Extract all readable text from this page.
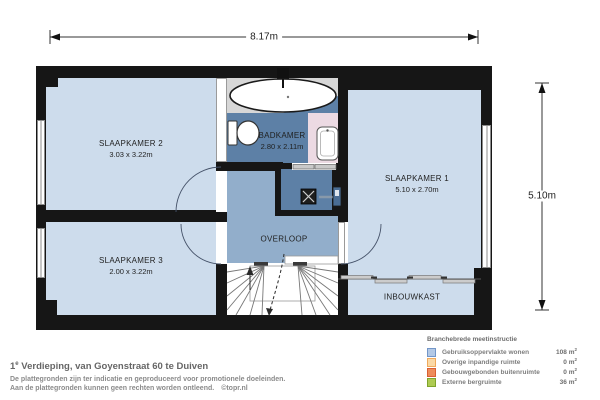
SLAAPKAMER 2
3.03 x 3.22m
BADKAMER
2.80 x 2.11m
SLAAPKAMER 1
5.10 x 2.70m
SLAAPKAMER 3
2.00 x 3.22m
OVERLOOP
INBOUWKAST
8.17m
5.10m
1e Verdieping, van Goyenstraat 60 te Duiven
De plattegronden zijn ter indicatie en geproduceerd voor promotionele doeleinden.
Aan de plattegronden kunnen geen rechten worden ontleend. ©topr.nl
Branchebrede meetinstructie
Gebruiksoppervlakte wonen	108 $m^2$
Overige inpandige ruimte	0 $m^2$
Gebouwgebonden buitenruimte	0 $m^2$
Externe bergruimte	36 $m^2$
